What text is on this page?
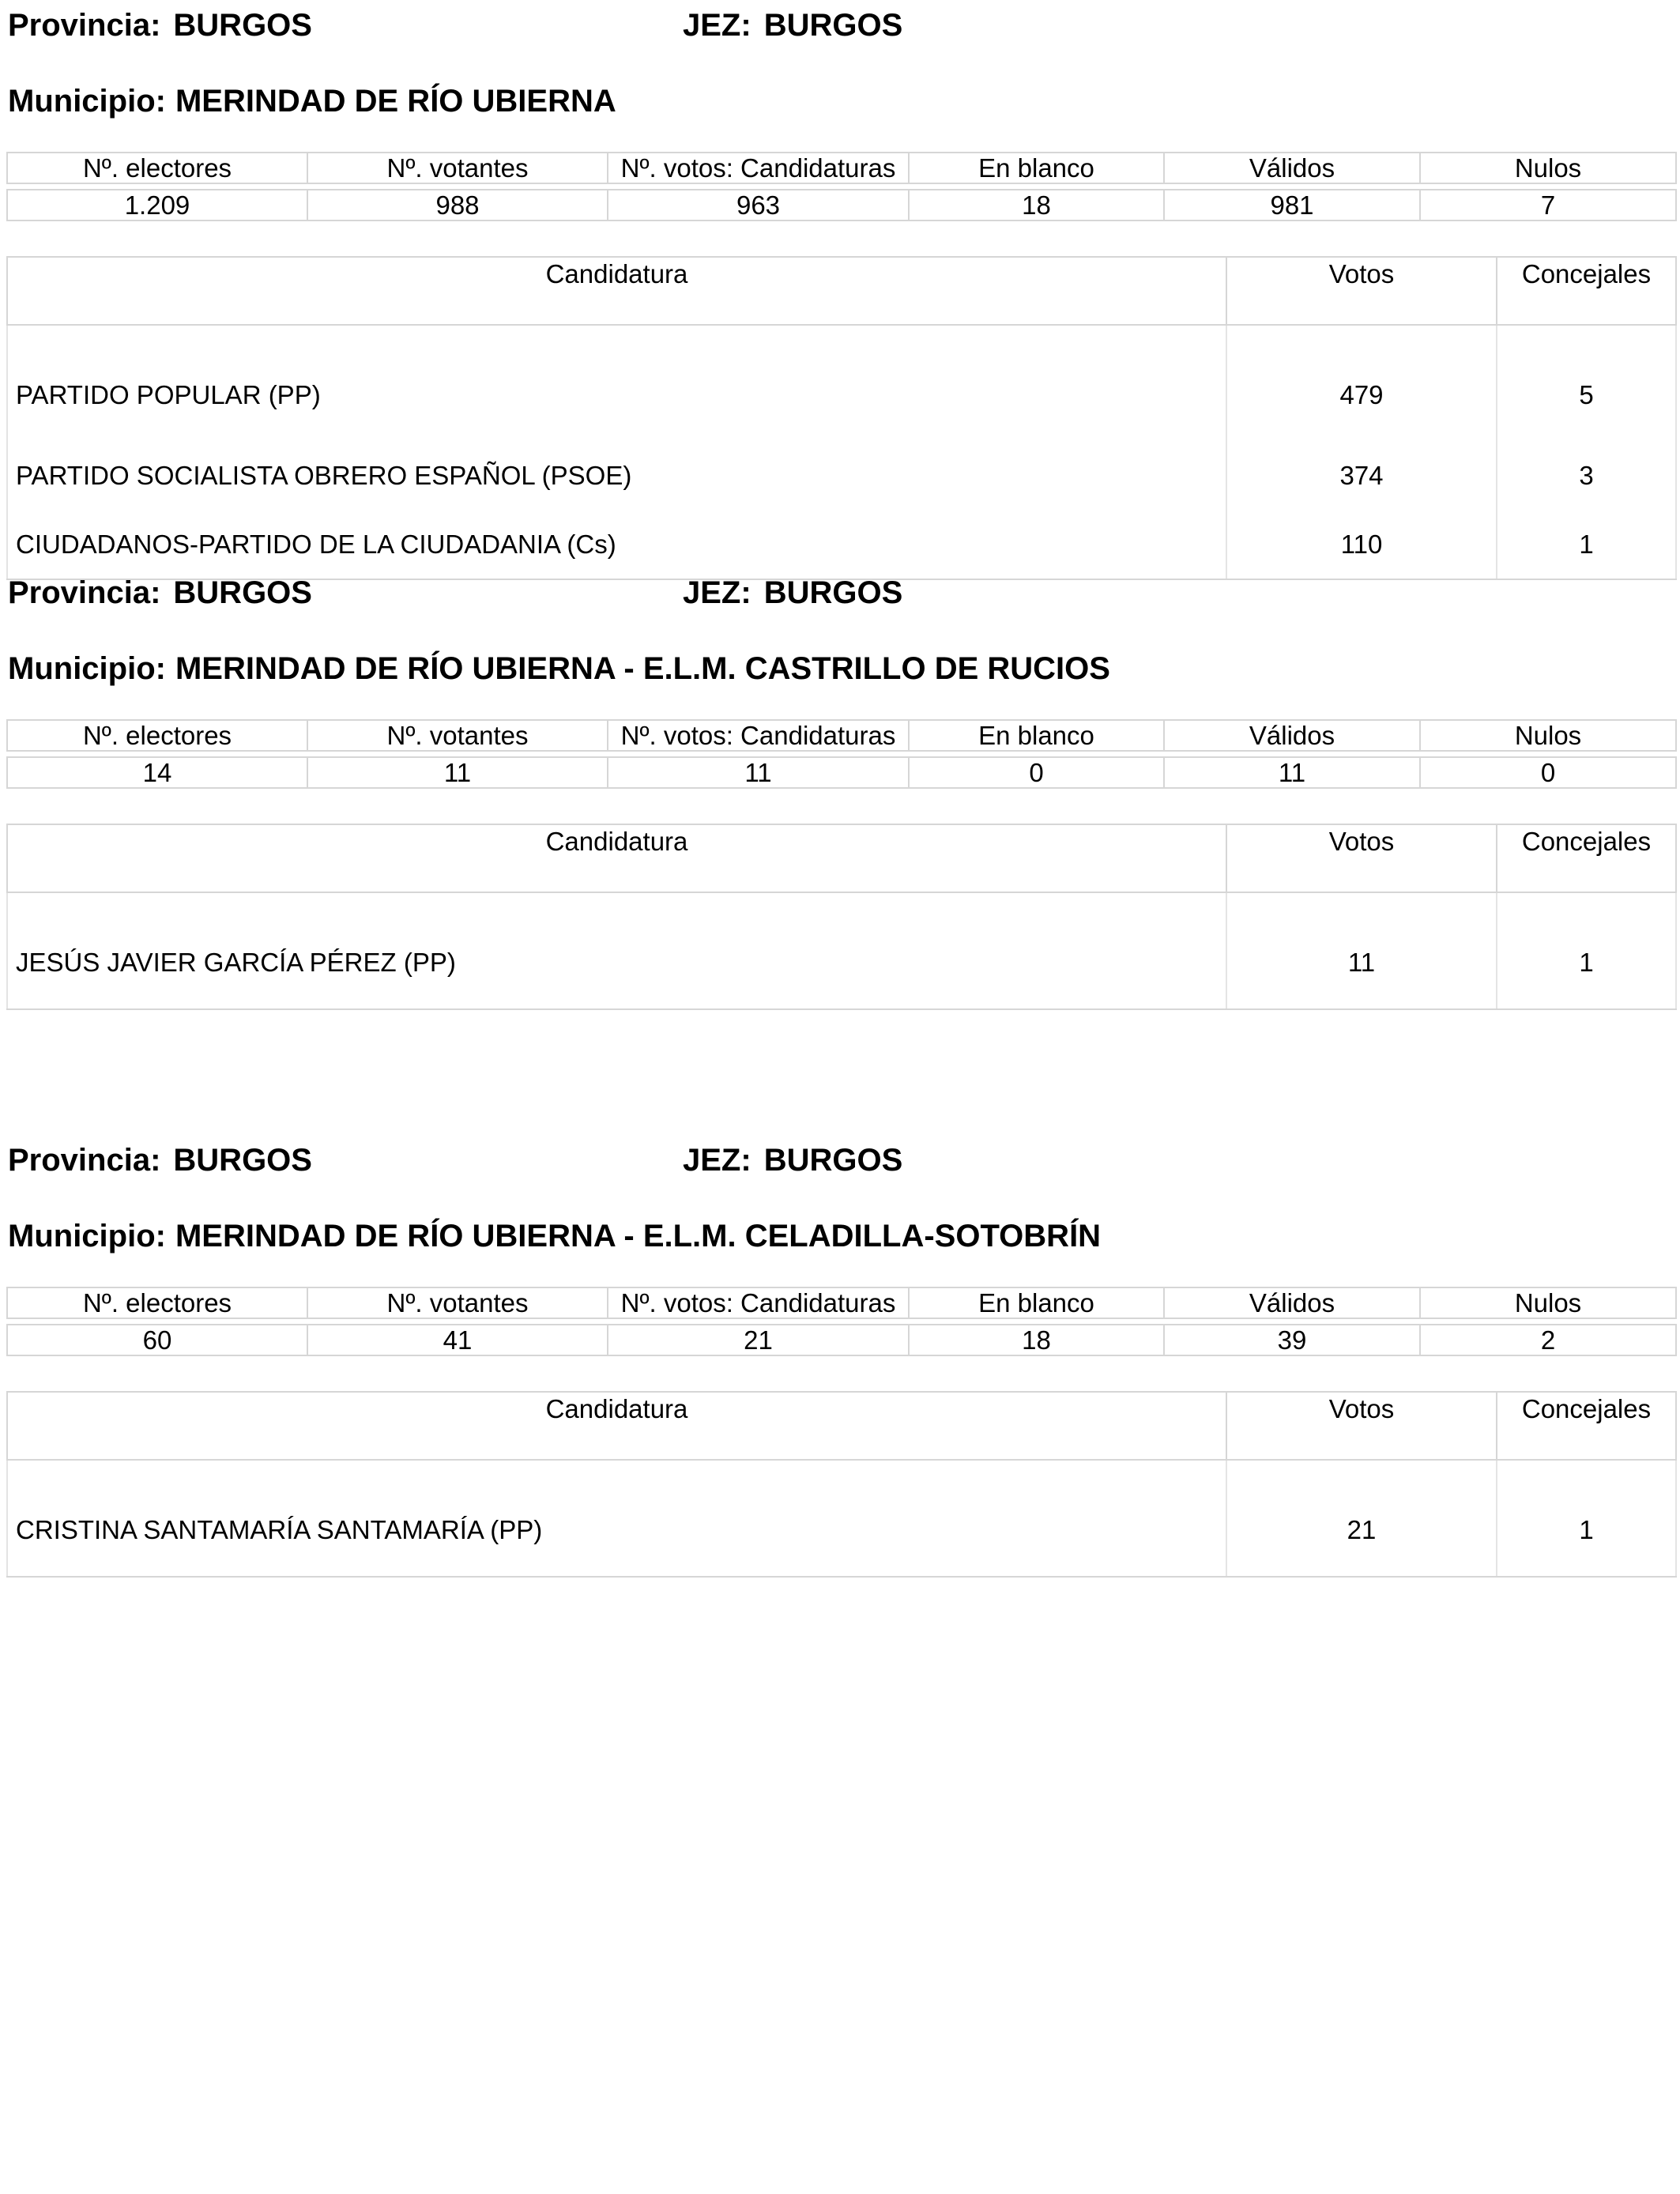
Provincia: BURGOS	JEZ: BURGOS
Municipio: MERINDAD DE RÍO UBIERNA
Nº. electores	Nº. votantes	Nº. votos: Candidaturas	En blanco	Válidos	Nulos

1.209	988	963	18	981	7
Candidatura	Votos	Concejales
PARTIDO POPULAR (PP)	479	5
PARTIDO SOCIALISTA OBRERO ESPAÑOL (PSOE)	374	3
CIUDADANOS-PARTIDO DE LA CIUDADANIA (Cs)	110	1
Provincia: BURGOS	JEZ: BURGOS
Municipio: MERINDAD DE RÍO UBIERNA - E.L.M. CASTRILLO DE RUCIOS
Nº. electores	Nº. votantes	Nº. votos: Candidaturas	En blanco	Válidos	Nulos

14	11	11	0	11	0
Candidatura	Votos	Concejales
JESÚS JAVIER GARCÍA PÉREZ (PP)	11	1
Provincia: BURGOS	JEZ: BURGOS
Municipio: MERINDAD DE RÍO UBIERNA - E.L.M. CELADILLA-SOTOBRÍN
Nº. electores	Nº. votantes	Nº. votos: Candidaturas	En blanco	Válidos	Nulos

60	41	21	18	39	2
Candidatura	Votos	Concejales
CRISTINA SANTAMARÍA SANTAMARÍA (PP)	21	1
